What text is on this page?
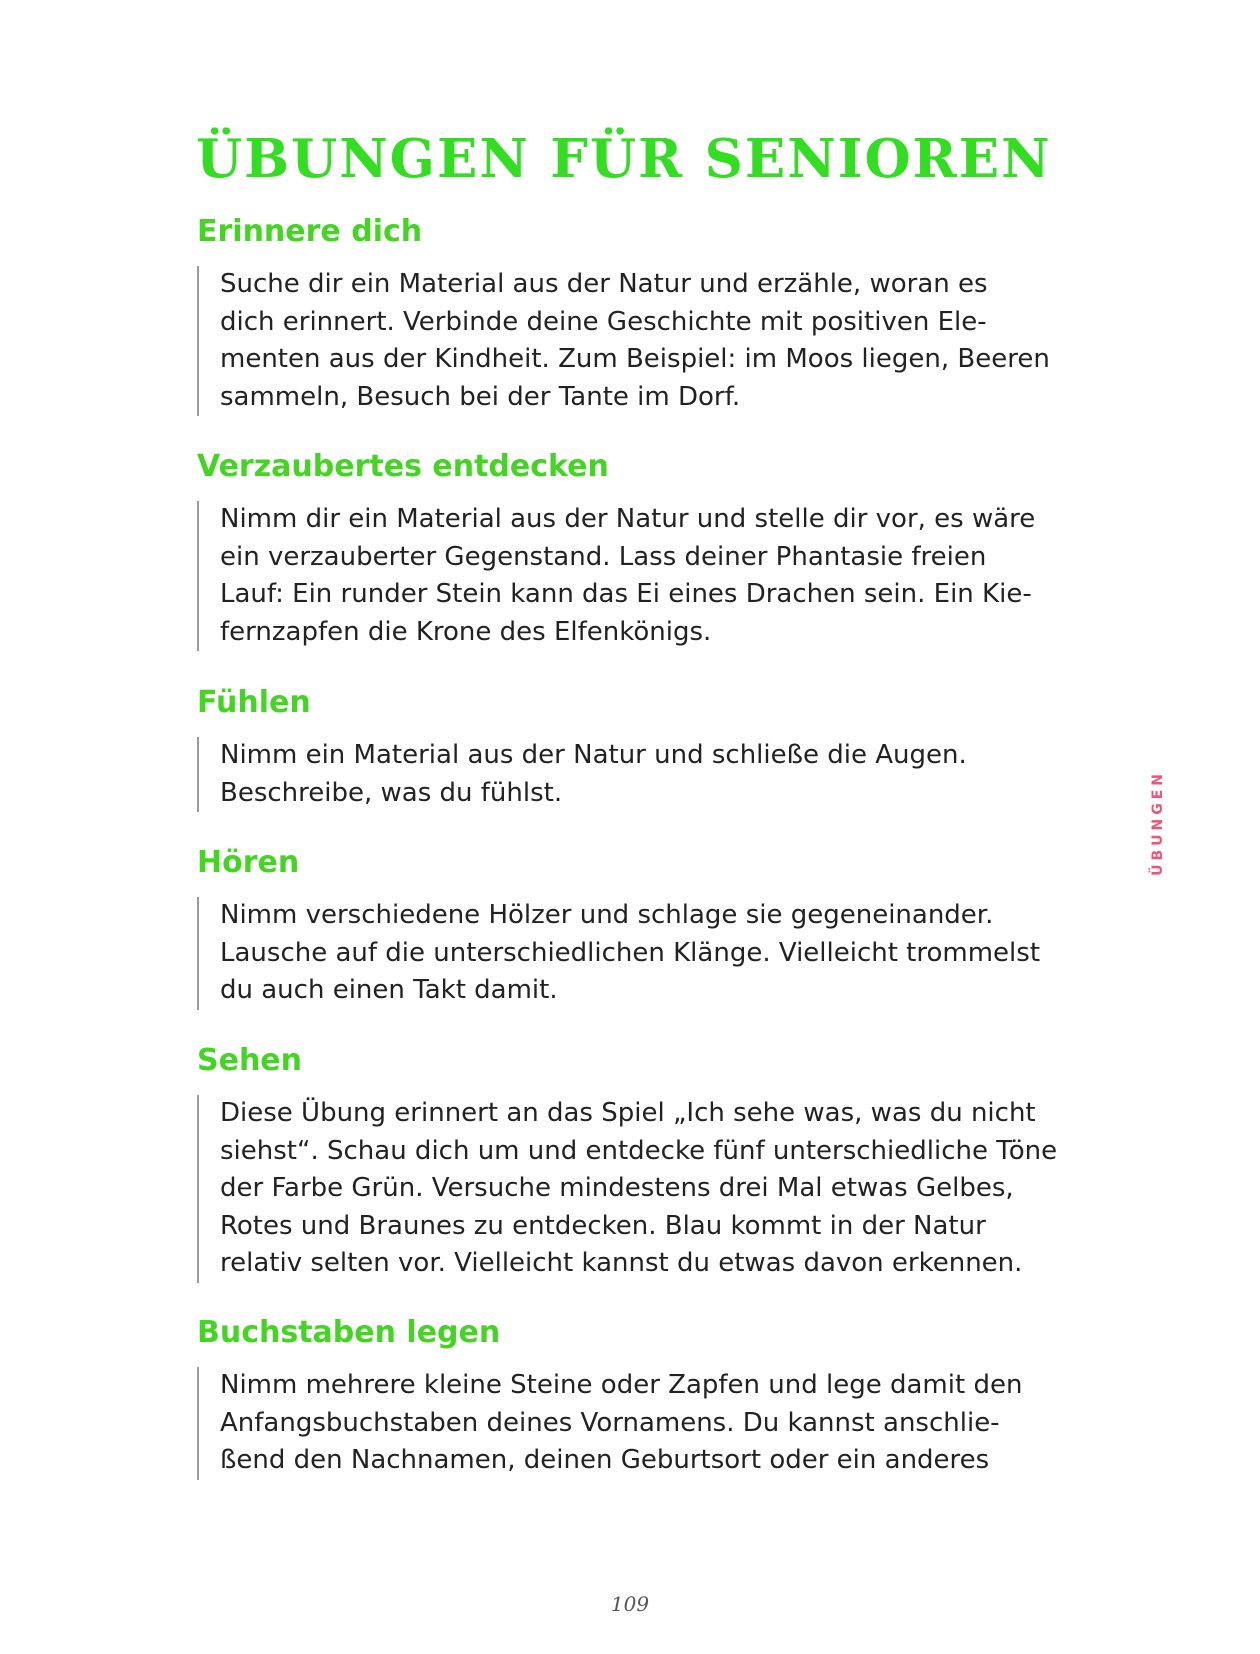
ÜBUNGEN FÜR SENIOREN
Erinnere dich

Suche dir ein Material aus der Natur und erzähle, woran es
dich erinnert. Verbinde deine Geschichte mit positiven Ele-
menten aus der Kindheit. Zum Beispiel: im Moos liegen, Beeren
sammeln, Besuch bei der Tante im Dorf.

Verzaubertes entdecken

Nimm dir ein Material aus der Natur und stelle dir vor, es wäre
ein verzauberter Gegenstand. Lass deiner Phantasie freien
Lauf: Ein runder Stein kann das Ei eines Drachen sein. Ein Kie-
fernzapfen die Krone des Elfenkönigs.

Fühlen

Nimm ein Material aus der Natur und schließe die Augen.
Beschreibe, was du fühlst.

Hören

Nimm verschiedene Hölzer und schlage sie gegeneinander.
Lausche auf die unterschiedlichen Klänge. Vielleicht trommelst
du auch einen Takt damit.

Sehen

Diese Übung erinnert an das Spiel „Ich sehe was, was du nicht
siehst“. Schau dich um und entdecke fünf unterschiedliche Töne
der Farbe Grün. Versuche mindestens drei Mal etwas Gelbes,
Rotes und Braunes zu entdecken. Blau kommt in der Natur
relativ selten vor. Vielleicht kannst du etwas davon erkennen.

Buchstaben legen

Nimm mehrere kleine Steine oder Zapfen und lege damit den
Anfangsbuchstaben deines Vornamens. Du kannst anschlie-
ßend den Nachnamen, deinen Geburtsort oder ein anderes

ÜBUNGEN
109
